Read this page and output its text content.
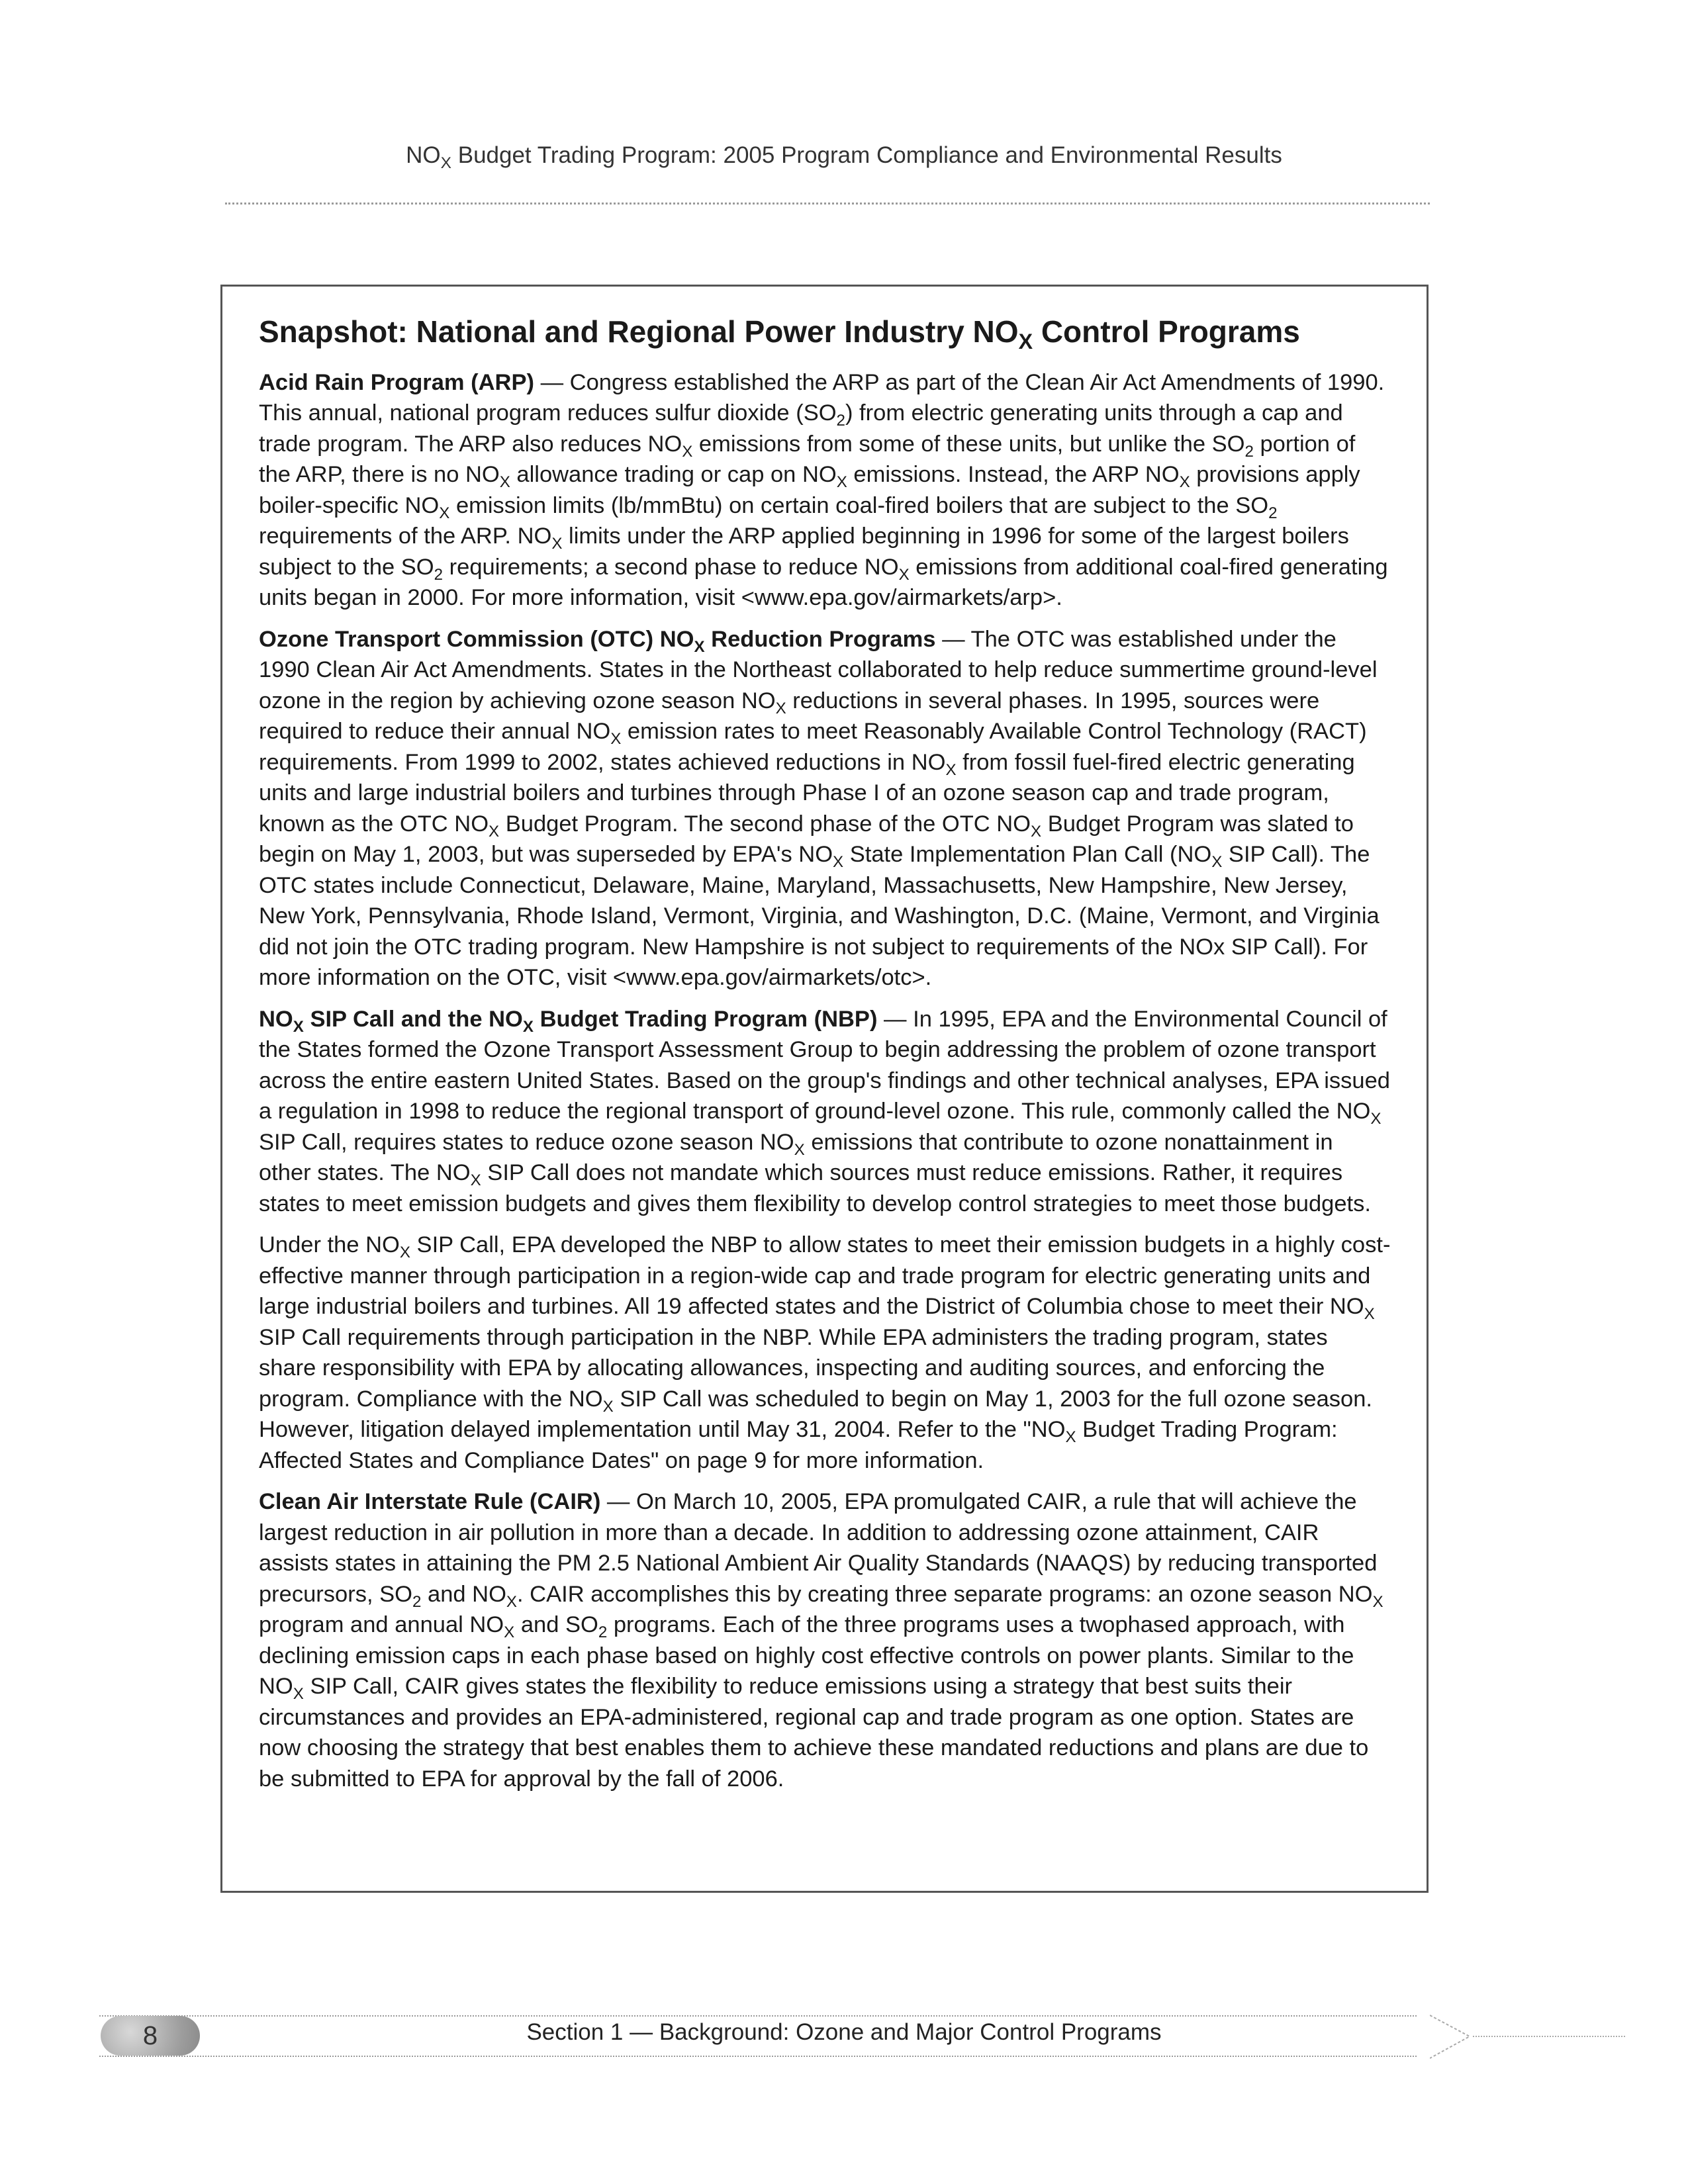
$NO_X$ Budget Trading Program: 2005 Program Compliance and Environmental Results
Snapshot: National and Regional Power Industry $NO_X$ Control Programs

Acid Rain Program (ARP) — Congress established the ARP as part of the Clean Air Act Amendments of 1990. This annual, national program reduces sulfur dioxide $(SO_2)$ from electric generating units through a cap and trade program. The ARP also reduces $NO_X$ emissions from some of these units, but unlike the $SO_2$ portion of the ARP, there is no $NO_X$ allowance trading or cap on $NO_X$ emissions. Instead, the ARP $NO_X$ provisions apply boiler-specific $NO_X$ emission limits (lb/mmBtu) on certain coal-fired boilers that are subject to the $SO_2$ requirements of the ARP. $NO_X$ limits under the ARP applied beginning in 1996 for some of the largest boilers subject to the $SO_2$ requirements; a second phase to reduce $NO_X$ emissions from additional coal-fired generating units began in 2000. For more information, visit <www.epa.gov/airmarkets/arp>.

Ozone Transport Commission (OTC) $NO_X$ Reduction Programs — The OTC was established under the 1990 Clean Air Act Amendments. States in the Northeast collaborated to help reduce summertime ground-level ozone in the region by achieving ozone season $NO_X$ reductions in several phases. In 1995, sources were required to reduce their annual $NO_X$ emission rates to meet Reasonably Available Control Technology (RACT) requirements. From 1999 to 2002, states achieved reductions in $NO_X$ from fossil fuel-fired electric generating units and large industrial boilers and turbines through Phase I of an ozone season cap and trade program, known as the OTC $NO_X$ Budget Program. The second phase of the OTC $NO_X$ Budget Program was slated to begin on May 1, 2003, but was superseded by EPA's $NO_X$ State Implementation Plan Call ($NO_X$ SIP Call). The OTC states include Connecticut, Delaware, Maine, Maryland, Massachusetts, New Hampshire, New Jersey, New York, Pennsylvania, Rhode Island, Vermont, Virginia, and Washington, D.C. (Maine, Vermont, and Virginia did not join the OTC trading program. New Hampshire is not subject to requirements of the NOx SIP Call). For more information on the OTC, visit <www.epa.gov/airmarkets/otc>.

$NO_X$ SIP Call and the $NO_X$ Budget Trading Program (NBP) — In 1995, EPA and the Environmental Council of the States formed the Ozone Transport Assessment Group to begin addressing the problem of ozone transport across the entire eastern United States. Based on the group's findings and other technical analyses, EPA issued a regulation in 1998 to reduce the regional transport of ground-level ozone. This rule, commonly called the $NO_X$ SIP Call, requires states to reduce ozone season $NO_X$ emissions that contribute to ozone nonattainment in other states. The $NO_X$ SIP Call does not mandate which sources must reduce emissions. Rather, it requires states to meet emission budgets and gives them flexibility to develop control strategies to meet those budgets.

Under the $NO_X$ SIP Call, EPA developed the NBP to allow states to meet their emission budgets in a highly cost-effective manner through participation in a region-wide cap and trade program for electric generating units and large industrial boilers and turbines. All 19 affected states and the District of Columbia chose to meet their $NO_X$ SIP Call requirements through participation in the NBP. While EPA administers the trading program, states share responsibility with EPA by allocating allowances, inspecting and auditing sources, and enforcing the program. Compliance with the $NO_X$ SIP Call was scheduled to begin on May 1, 2003 for the full ozone season. However, litigation delayed implementation until May 31, 2004. Refer to the "$NO_X$ Budget Trading Program: Affected States and Compliance Dates" on page 9 for more information.

Clean Air Interstate Rule (CAIR) — On March 10, 2005, EPA promulgated CAIR, a rule that will achieve the largest reduction in air pollution in more than a decade. In addition to addressing ozone attainment, CAIR assists states in attaining the PM 2.5 National Ambient Air Quality Standards (NAAQS) by reducing transported precursors, $SO_2$ and $NO_X$. CAIR accomplishes this by creating three separate programs: an ozone season $NO_X$ program and annual $NO_X$ and $SO_2$ programs. Each of the three programs uses a twophased approach, with declining emission caps in each phase based on highly cost effective controls on power plants. Similar to the $NO_X$ SIP Call, CAIR gives states the flexibility to reduce emissions using a strategy that best suits their circumstances and provides an EPA-administered, regional cap and trade program as one option. States are now choosing the strategy that best enables them to achieve these mandated reductions and plans are due to be submitted to EPA for approval by the fall of 2006.

8	Section 1 — Background: Ozone and Major Control Programs
